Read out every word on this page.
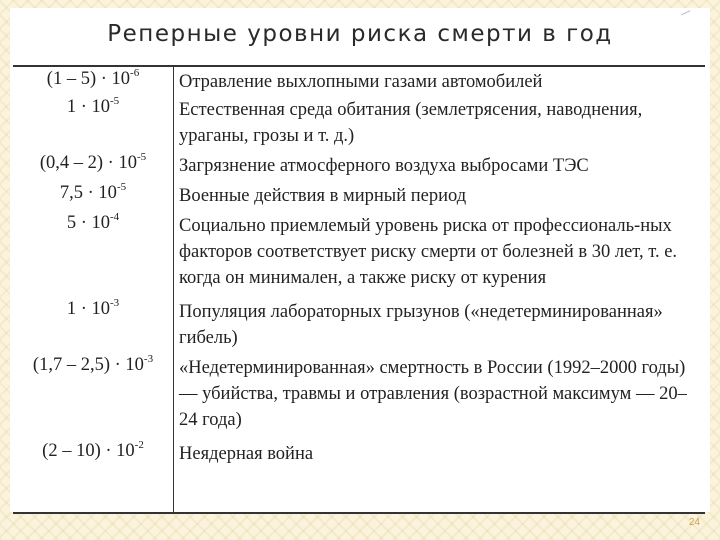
Реперные уровни риска смерти в год
$(1 - 5) \cdot 10^{-6}$
$1 \cdot 10^{-5}$
$(0,4 - 2) \cdot 10^{-5}$
$7,5 \cdot 10^{-5}$
$5 \cdot 10^{-4}$
$1 \cdot 10^{-3}$
$(1,7 - 2,5) \cdot 10^{-3}$
$(2 - 10) \cdot 10^{-2}$
Отравление выхлопными газами автомобилей
Естественная среда обитания (землетрясения, наводнения, ураганы, грозы и т. д.)
Загрязнение атмосферного воздуха выбросами ТЭС
Военные действия в мирный период
Социально приемлемый уровень риска от профессиональ-ных факторов соответствует риску смерти от болезней в 30 лет, т. е. когда он минимален, а также риску от курения
Популяция лабораторных грызунов («недетерминированная» гибель)
«Недетерминированная» смертность в России (1992–2000 годы) — убийства, травмы и отравления (возрастной максимум — 20–24 года)
Неядерная война
24
